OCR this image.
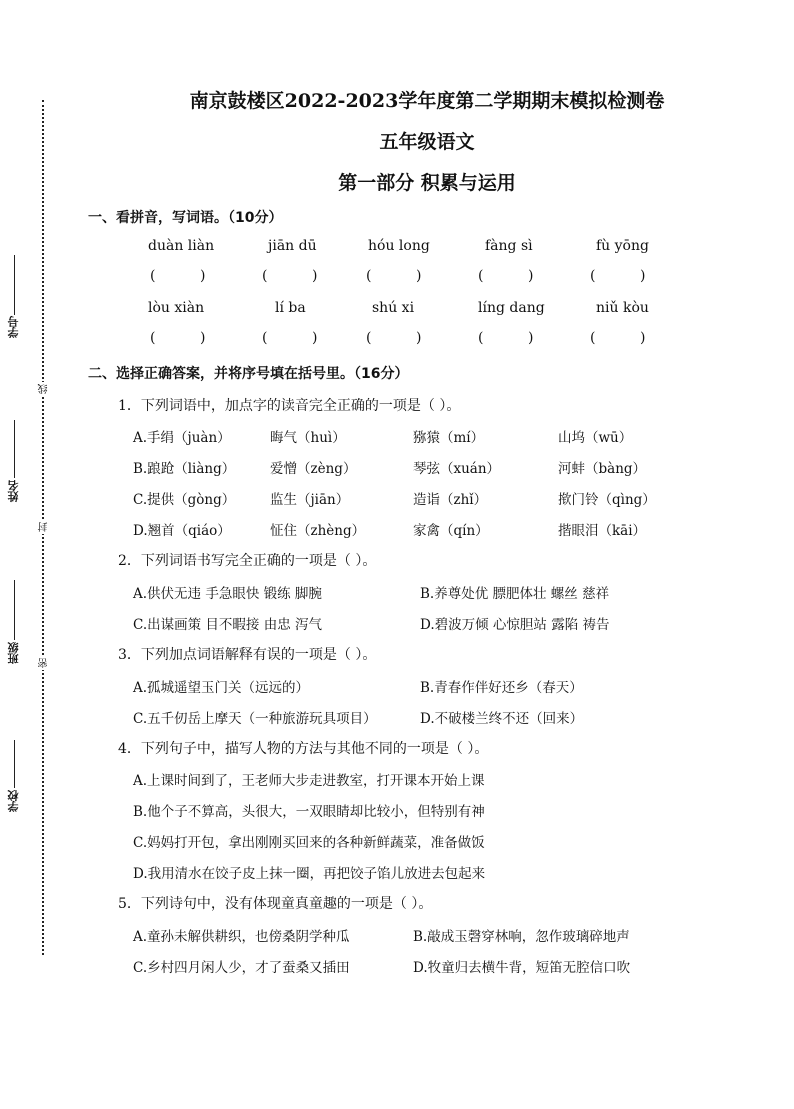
学号
姓名
班级
学校
线
封
密
南京鼓楼区2022-2023学年度第二学期期末模拟检测卷
五年级语文
第一部分 积累与运用
一、看拼音，写词语。（10分）
duàn liàn	jiān dū	hóu long	fàng sì	fù yōng
(          )	(          )	(          )	(          )	(          )
lòu xiàn	lí ba	shú xi	líng dang	niǔ kòu
(          )	(          )	(          )	(          )	(          )
二、选择正确答案，并将序号填在括号里。（16分）
1．下列词语中，加点字的读音完全正确的一项是（ ）。
A.手绢（juàn）	晦气（huì）	猕猿（mí）	山坞（wū）
B.踉跄（liàng）	爱憎（zèng）	琴弦（xuán）	河蚌（bàng）
C.提供（gòng）	监生（jiān）	造诣（zhǐ）	揿门铃（qìng）
D.翘首（qiáo）	怔住（zhèng）	家禽（qín）	揩眼泪（kāi）
2．下列词语书写完全正确的一项是（ ）。
A.供伏无违 手急眼快 锻练 脚腕	B.养尊处优 膘肥体壮 螺丝 慈祥
C.出谋画策 目不暇接 由忠 泻气	D.碧波万倾 心惊胆站 露陷 祷告
3．下列加点词语解释有误的一项是（ ）。
A.孤城遥望玉门关（远远的）	B.青春作伴好还乡（春天）
C.五千仞岳上摩天（一种旅游玩具项目）	D.不破楼兰终不还（回来）
4．下列句子中，描写人物的方法与其他不同的一项是（ ）。
A.上课时间到了，王老师大步走进教室，打开课本开始上课
B.他个子不算高，头很大，一双眼睛却比较小，但特别有神
C.妈妈打开包，拿出刚刚买回来的各种新鲜蔬菜，准备做饭
D.我用清水在饺子皮上抹一圈，再把饺子馅儿放进去包起来
5．下列诗句中，没有体现童真童趣的一项是（ ）。
A.童孙未解供耕织，也傍桑阴学种瓜	B.敲成玉磬穿林响，忽作玻璃碎地声
C.乡村四月闲人少，才了蚕桑又插田	D.牧童归去横牛背，短笛无腔信口吹
